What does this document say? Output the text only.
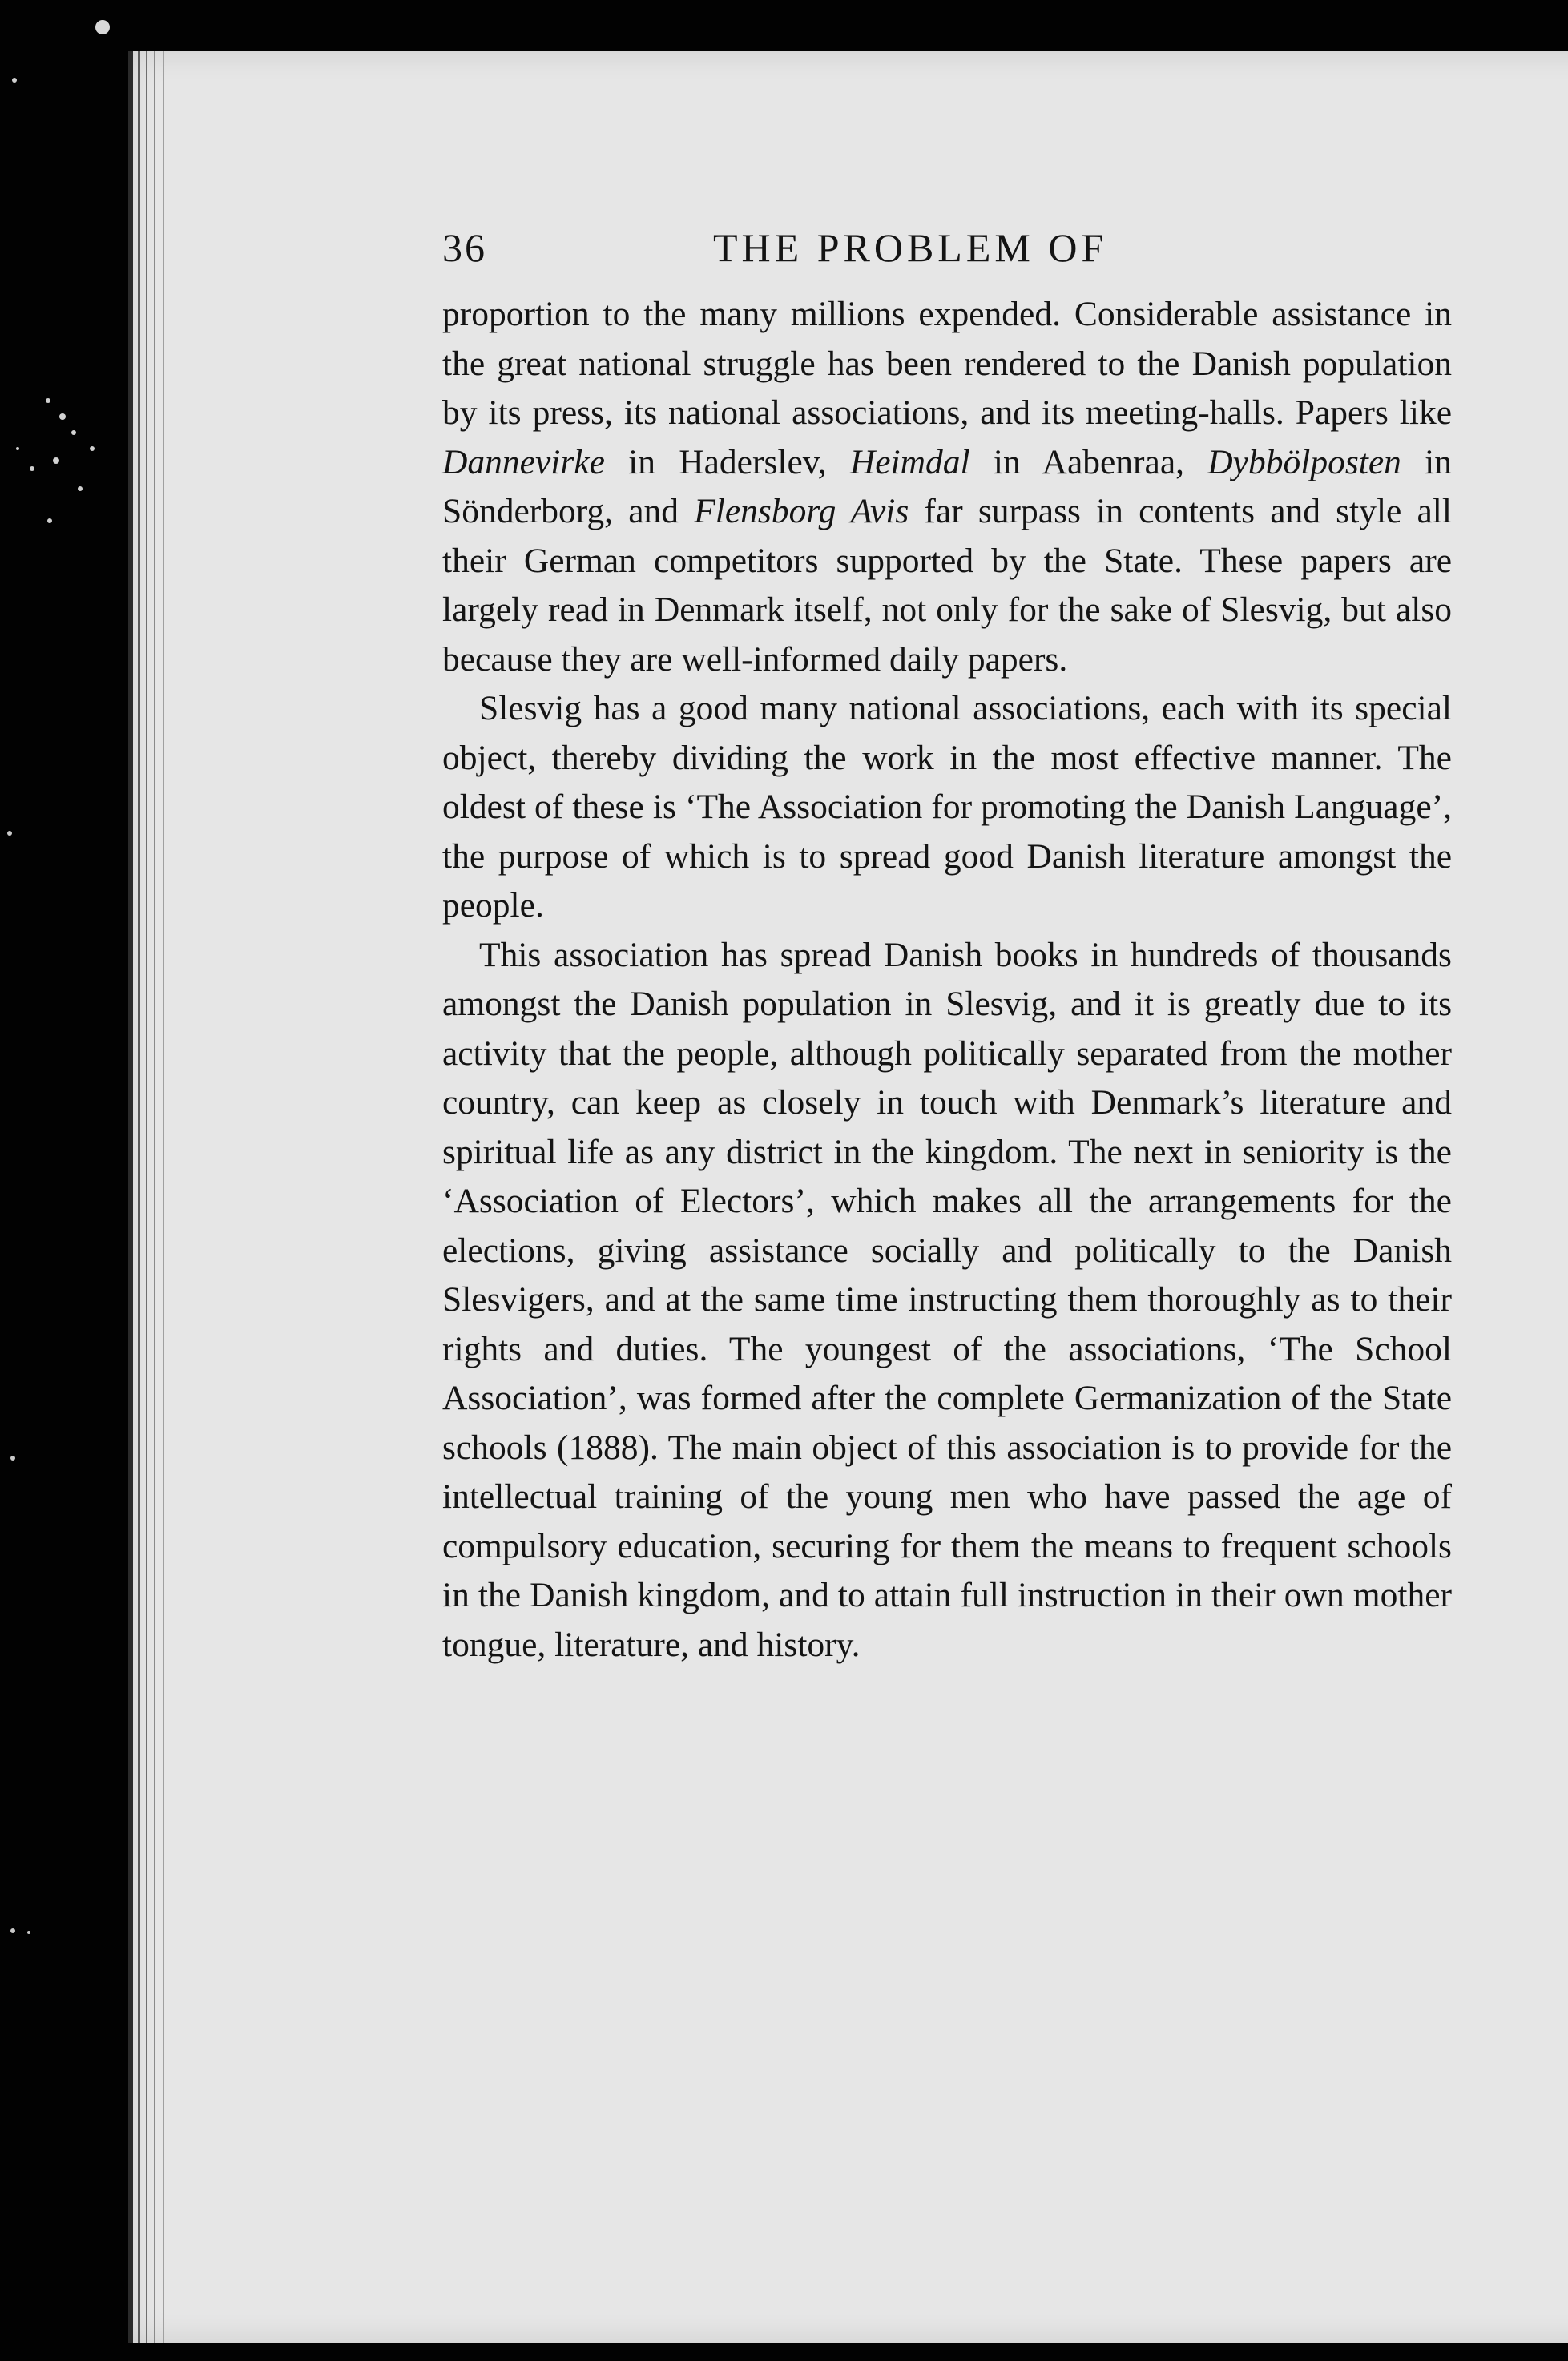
36	THE PROBLEM OF

proportion to the many millions expended. Considerable assistance in the great national struggle has been rendered to the Danish population by its press, its national associations, and its meeting-halls. Papers like Dannevirke in Haderslev, Heimdal in Aabenraa, Dybbölposten in Sönderborg, and Flensborg Avis far surpass in contents and style all their German competitors supported by the State. These papers are largely read in Denmark itself, not only for the sake of Slesvig, but also because they are well-informed daily papers.

Slesvig has a good many national associations, each with its special object, thereby dividing the work in the most effective manner. The oldest of these is ‘The Association for promoting the Danish Language’, the purpose of which is to spread good Danish literature amongst the people.

This association has spread Danish books in hundreds of thousands amongst the Danish population in Slesvig, and it is greatly due to its activity that the people, although politically separated from the mother country, can keep as closely in touch with Denmark’s literature and spiritual life as any district in the kingdom. The next in seniority is the ‘Association of Electors’, which makes all the arrangements for the elections, giving assistance socially and politically to the Danish Slesvigers, and at the same time instructing them thoroughly as to their rights and duties. The youngest of the associations, ‘The School Association’, was formed after the complete Germanization of the State schools (1888). The main object of this association is to provide for the intellectual training of the young men who have passed the age of compulsory education, securing for them the means to frequent schools in the Danish kingdom, and to attain full instruction in their own mother tongue, literature, and history.
